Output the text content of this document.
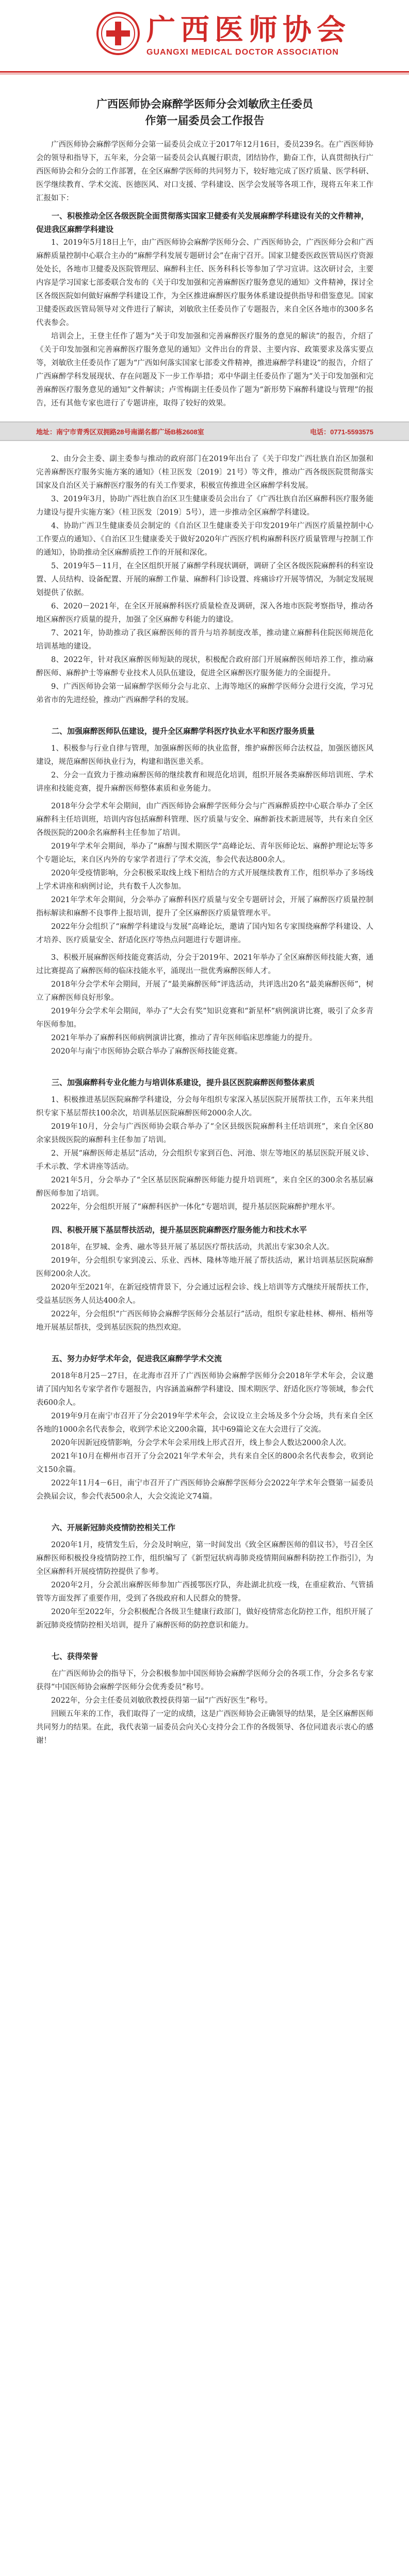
广西医师协会
GUANGXI MEDICAL DOCTOR ASSOCIATION
广西医师协会麻醉学医师分会刘敏欣主任委员
作第一届委员会工作报告

广西医师协会麻醉学医师分会第一届委员会成立于2017年12月16日，委员239名。在广西医师协会的领导和指导下，五年来，分会第一届委员会认真履行职责，团结协作，勤奋工作，认真贯彻执行广西医师协会和分会的工作部署，在全区麻醉学医师的共同努力下，较好地完成了医疗质量、医学科研、医学继续教育、学术交流、医德医风、对口支援、学科建设、医学会发展等各项工作，现将五年来工作汇报如下：

一、积极推动全区各级医院全面贯彻落实国家卫健委有关发展麻醉学科建设有关的文件精神，促进我区麻醉学科建设

1、2019年5月18日上午，由广西医师协会麻醉学医师分会、广西医师协会，广西医师分会和广西麻醉质量控制中心联合主办的“麻醉学科发展专题研讨会”在南宁召开。国家卫健委医政医管局医疗资源处处长，各地市卫健委及医院管理层、麻醉科主任、医务科科长等参加了学习宣讲。这次研讨会，主要内容是学习国家七部委联合发布的《关于印发加强和完善麻醉医疗服务意见的通知》文件精神，探讨全区各级医院如何做好麻醉学科建设工作，为全区推进麻醉医疗服务体系建设提供指导和借鉴意见。国家卫健委医政医管局领导对文件进行了解读，刘敏欣主任委员作了专题报告，来自全区各地市的300多名代表参会。

培训会上，王登主任作了题为“关于印发加强和完善麻醉医疗服务的意见的解读”的报告，介绍了《关于印发加强和完善麻醉医疗服务意见的通知》文件出台的背景、主要内容、政策要求及落实要点等，刘敏欣主任委员作了题为“广西如何落实国家七部委文件精神，推进麻醉学科建设”的报告，介绍了广西麻醉学科发展现状、存在问题及下一步工作举措；邓中华副主任委员作了题为“关于印发加强和完善麻醉医疗服务意见的通知”文件解读；卢雪梅副主任委员作了题为“新形势下麻醉科建设与管理”的报告，还有其他专家也进行了专题讲座，取得了较好的效果。

地址：南宁市青秀区双拥路28号南湖名都广场B栋2608室	电话：0771-5593575

2、由分会主委、副主委参与推动的政府部门在2019年出台了《关于印发广西壮族自治区加强和完善麻醉医疗服务实施方案的通知》（桂卫医发〔2019〕21号）等文件，推动广西各级医院贯彻落实国家及自治区关于麻醉医疗服务的有关工作要求，积极宣传推进全区麻醉学科发展。

3、2019年3月，协助广西壮族自治区卫生健康委员会出台了《广西壮族自治区麻醉科医疗服务能力建设与提升实施方案》（桂卫医发〔2019〕5号），进一步推动全区麻醉学科建设。

4、协助广西卫生健康委员会制定的《自治区卫生健康委关于印发2019年广西医疗质量控制中心工作要点的通知》、《自治区卫生健康委关于做好2020年广西医疗机构麻醉科医疗质量管理与控制工作的通知》，协助推动全区麻醉质控工作的开展和深化。

5、2019年5－11月，在全区组织开展了麻醉学科现状调研，调研了全区各级医院麻醉科的科室设置、人员结构、设备配置、开展的麻醉工作量、麻醉科门诊设置、疼痛诊疗开展等情况，为制定发展规划提供了依据。

6、2020－2021年，在全区开展麻醉科医疗质量检查及调研，深入各地市医院考察指导，推动各地区麻醉医疗质量的提升，加强了全区麻醉专科能力的建设。

7、2021年，协助推动了我区麻醉医师的晋升与培养制度改革，推动建立麻醉科住院医师规范化培训基地的建设。

8、2022年，针对我区麻醉医师短缺的现状，积极配合政府部门开展麻醉医师培养工作，推动麻醉医师、麻醉护士等麻醉专业技术人员队伍建设，促进全区麻醉医疗服务能力的全面提升。

9、广西医师协会第一届麻醉学医师分会与北京、上海等地区的麻醉学医师分会进行交流，学习兄弟省市的先进经验，推动广西麻醉学科的发展。

二、加强麻醉医师队伍建设，提升全区麻醉学科医疗执业水平和医疗服务质量

1、积极参与行业自律与管理，加强麻醉医师的执业监督，维护麻醉医师合法权益，加强医德医风建设，规范麻醉医师执业行为，构建和谐医患关系。

2、分会一直致力于推动麻醉医师的继续教育和规范化培训，组织开展各类麻醉医师培训班、学术讲座和技能竞赛，提升麻醉医师整体素质和业务能力。

2018年分会学术年会期间，由广西医师协会麻醉学医师分会与广西麻醉质控中心联合举办了全区麻醉科主任培训班，培训内容包括麻醉科管理、医疗质量与安全、麻醉新技术新进展等，共有来自全区各级医院的200余名麻醉科主任参加了培训。

2019年学术年会期间，举办了“麻醉与围术期医学”高峰论坛、青年医师论坛、麻醉护理论坛等多个专题论坛，来自区内外的专家学者进行了学术交流，参会代表达800余人。

2020年受疫情影响，分会积极采取线上线下相结合的方式开展继续教育工作，组织举办了多场线上学术讲座和病例讨论，共有数千人次参加。

2021年学术年会期间，分会举办了麻醉科医疗质量与安全专题研讨会，开展了麻醉医疗质量控制指标解读和麻醉不良事件上报培训，提升了全区麻醉医疗质量管理水平。

2022年分会组织了“麻醉学科建设与发展”高峰论坛，邀请了国内知名专家围绕麻醉学科建设、人才培养、医疗质量安全、舒适化医疗等热点问题进行专题讲座。

3、积极开展麻醉医师技能竞赛活动，分会于2019年、2021年举办了全区麻醉医师技能大赛，通过比赛提高了麻醉医师的临床技能水平，涌现出一批优秀麻醉医师人才。

2018年分会学术年会期间，开展了“最美麻醉医师”评选活动，共评选出20名“最美麻醉医师”，树立了麻醉医师良好形象。

2019年分会学术年会期间，举办了“大会有奖”知识竞赛和“新星杯”病例演讲比赛，吸引了众多青年医师参加。

2021年举办了麻醉科医师病例演讲比赛，推动了青年医师临床思维能力的提升。

2020年与南宁市医师协会联合举办了麻醉医师技能竞赛。

三、加强麻醉科专业化能力与培训体系建设，提升县区医院麻醉医师整体素质

1、积极推进基层医院麻醉学科建设，分会每年组织专家深入基层医院开展帮扶工作，五年来共组织专家下基层帮扶100余次，培训基层医院麻醉医师2000余人次。

2019年10月，分会与广西医师协会联合举办了“全区县级医院麻醉科主任培训班”，来自全区80余家县级医院的麻醉科主任参加了培训。

2、开展“麻醉医师走基层”活动，分会组织专家到百色、河池、崇左等地区的基层医院开展义诊、手术示教、学术讲座等活动。

2021年5月，分会举办了“全区基层医院麻醉医师能力提升培训班”，来自全区的300余名基层麻醉医师参加了培训。

2022年，分会组织开展了“麻醉科医护一体化”专题培训，提升基层医院麻醉护理水平。

四、积极开展下基层帮扶活动，提升基层医院麻醉医疗服务能力和技术水平

2018年，在罗城、金秀、融水等县开展了基层医疗帮扶活动，共派出专家30余人次。

2019年，分会组织专家到凌云、乐业、西林、隆林等地开展了帮扶活动，累计培训基层医院麻醉医师200余人次。

2020年至2021年，在新冠疫情背景下，分会通过远程会诊、线上培训等方式继续开展帮扶工作，受益基层医务人员达400余人。

2022年，分会组织“广西医师协会麻醉学医师分会基层行”活动，组织专家赴桂林、柳州、梧州等地开展基层帮扶，受到基层医院的热烈欢迎。

五、努力办好学术年会，促进我区麻醉学学术交流

2018年8月25－27日，在北海市召开了广西医师协会麻醉学医师分会2018年学术年会，会议邀请了国内知名专家学者作专题报告，内容涵盖麻醉学科建设、围术期医学、舒适化医疗等领域，参会代表600余人。

2019年9月在南宁市召开了分会2019年学术年会，会议设立主会场及多个分会场，共有来自全区各地的1000余名代表参会，收到学术论文200余篇，其中69篇论文在大会进行了交流。

2020年因新冠疫情影响，分会学术年会采用线上形式召开，线上参会人数达2000余人次。

2021年10月在柳州市召开了分会2021年学术年会，共有来自全区的800余名代表参会，收到论文150余篇。

2022年11月4－6日，南宁市召开了广西医师协会麻醉学医师分会2022年学术年会暨第一届委员会换届会议，参会代表500余人，大会交流论文74篇。

六、开展新冠肺炎疫情防控相关工作

2020年1月，疫情发生后，分会及时响应，第一时间发出《致全区麻醉医师的倡议书》，号召全区麻醉医师积极投身疫情防控工作，组织编写了《新型冠状病毒肺炎疫情期间麻醉科防控工作指引》，为全区麻醉科开展疫情防控提供了参考。

2020年2月，分会派出麻醉医师参加广西援鄂医疗队，奔赴湖北抗疫一线，在重症救治、气管插管等方面发挥了重要作用，受到了各级政府和人民群众的赞誉。

2020年至2022年，分会积极配合各级卫生健康行政部门，做好疫情常态化防控工作，组织开展了新冠肺炎疫情防控相关培训，提升了麻醉医师的防控意识和能力。

七、获得荣誉

在广西医师协会的指导下，分会积极参加中国医师协会麻醉学医师分会的各项工作，分会多名专家获得“中国医师协会麻醉学医师分会优秀委员”称号。

2022年，分会主任委员刘敏欣教授获得第一届“广西好医生”称号。

回顾五年来的工作，我们取得了一定的成绩，这是广西医师协会正确领导的结果，是全区麻醉医师共同努力的结果。在此，我代表第一届委员会向关心支持分会工作的各级领导、各位同道表示衷心的感谢！
